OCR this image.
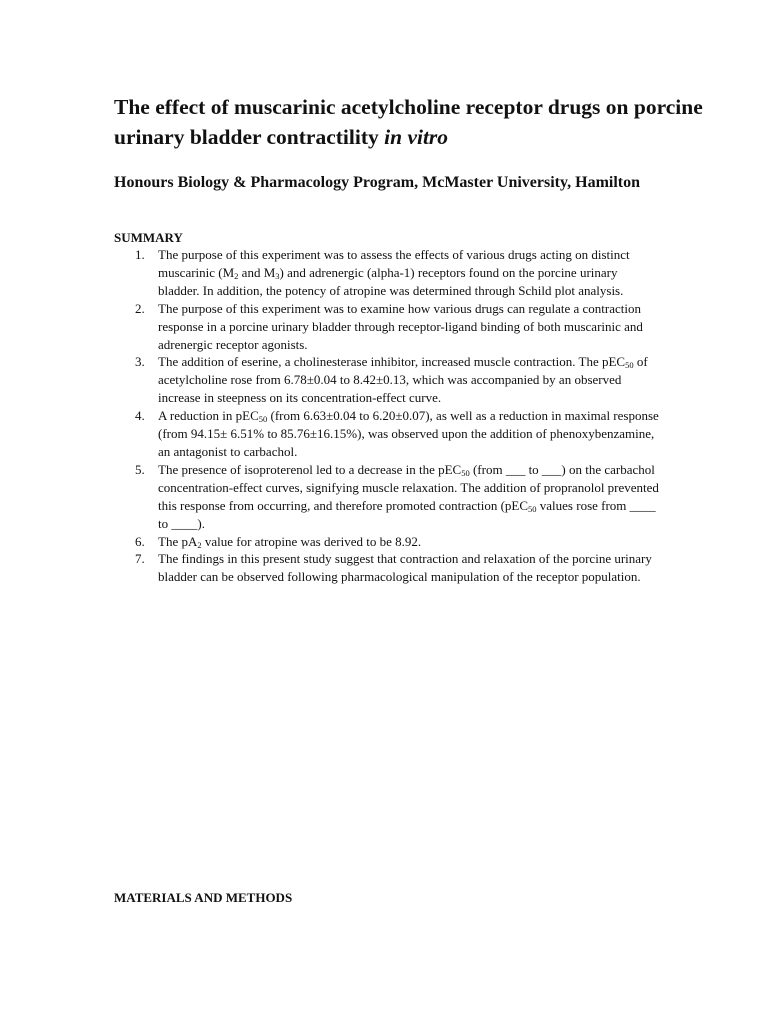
The effect of muscarinic acetylcholine receptor drugs on porcine urinary bladder contractility in vitro

Honours Biology & Pharmacology Program, McMaster University, Hamilton

SUMMARY
1. The purpose of this experiment was to assess the effects of various drugs acting on distinct muscarinic ($M_2$ and $M_3$) and adrenergic (alpha-1) receptors found on the porcine urinary bladder. In addition, the potency of atropine was determined through Schild plot analysis.
2. The purpose of this experiment was to examine how various drugs can regulate a contraction response in a porcine urinary bladder through receptor-ligand binding of both muscarinic and adrenergic receptor agonists.
3. The addition of eserine, a cholinesterase inhibitor, increased muscle contraction. The pEC$_{50}$ of acetylcholine rose from 6.78±0.04 to 8.42±0.13, which was accompanied by an observed increase in steepness on its concentration-effect curve.
4. A reduction in pEC$_{50}$ (from 6.63±0.04 to 6.20±0.07), as well as a reduction in maximal response (from 94.15± 6.51% to 85.76±16.15%), was observed upon the addition of phenoxybenzamine, an antagonist to carbachol.
5. The presence of isoproterenol led to a decrease in the pEC$_{50}$ (from ___ to ___) on the carbachol concentration-effect curves, signifying muscle relaxation. The addition of propranolol prevented this response from occurring, and therefore promoted contraction (pEC$_{50}$ values rose from ____ to ____).
6. The $pA_2$ value for atropine was derived to be 8.92.
7. The findings in this present study suggest that contraction and relaxation of the porcine urinary bladder can be observed following pharmacological manipulation of the receptor population.
MATERIALS AND METHODS
